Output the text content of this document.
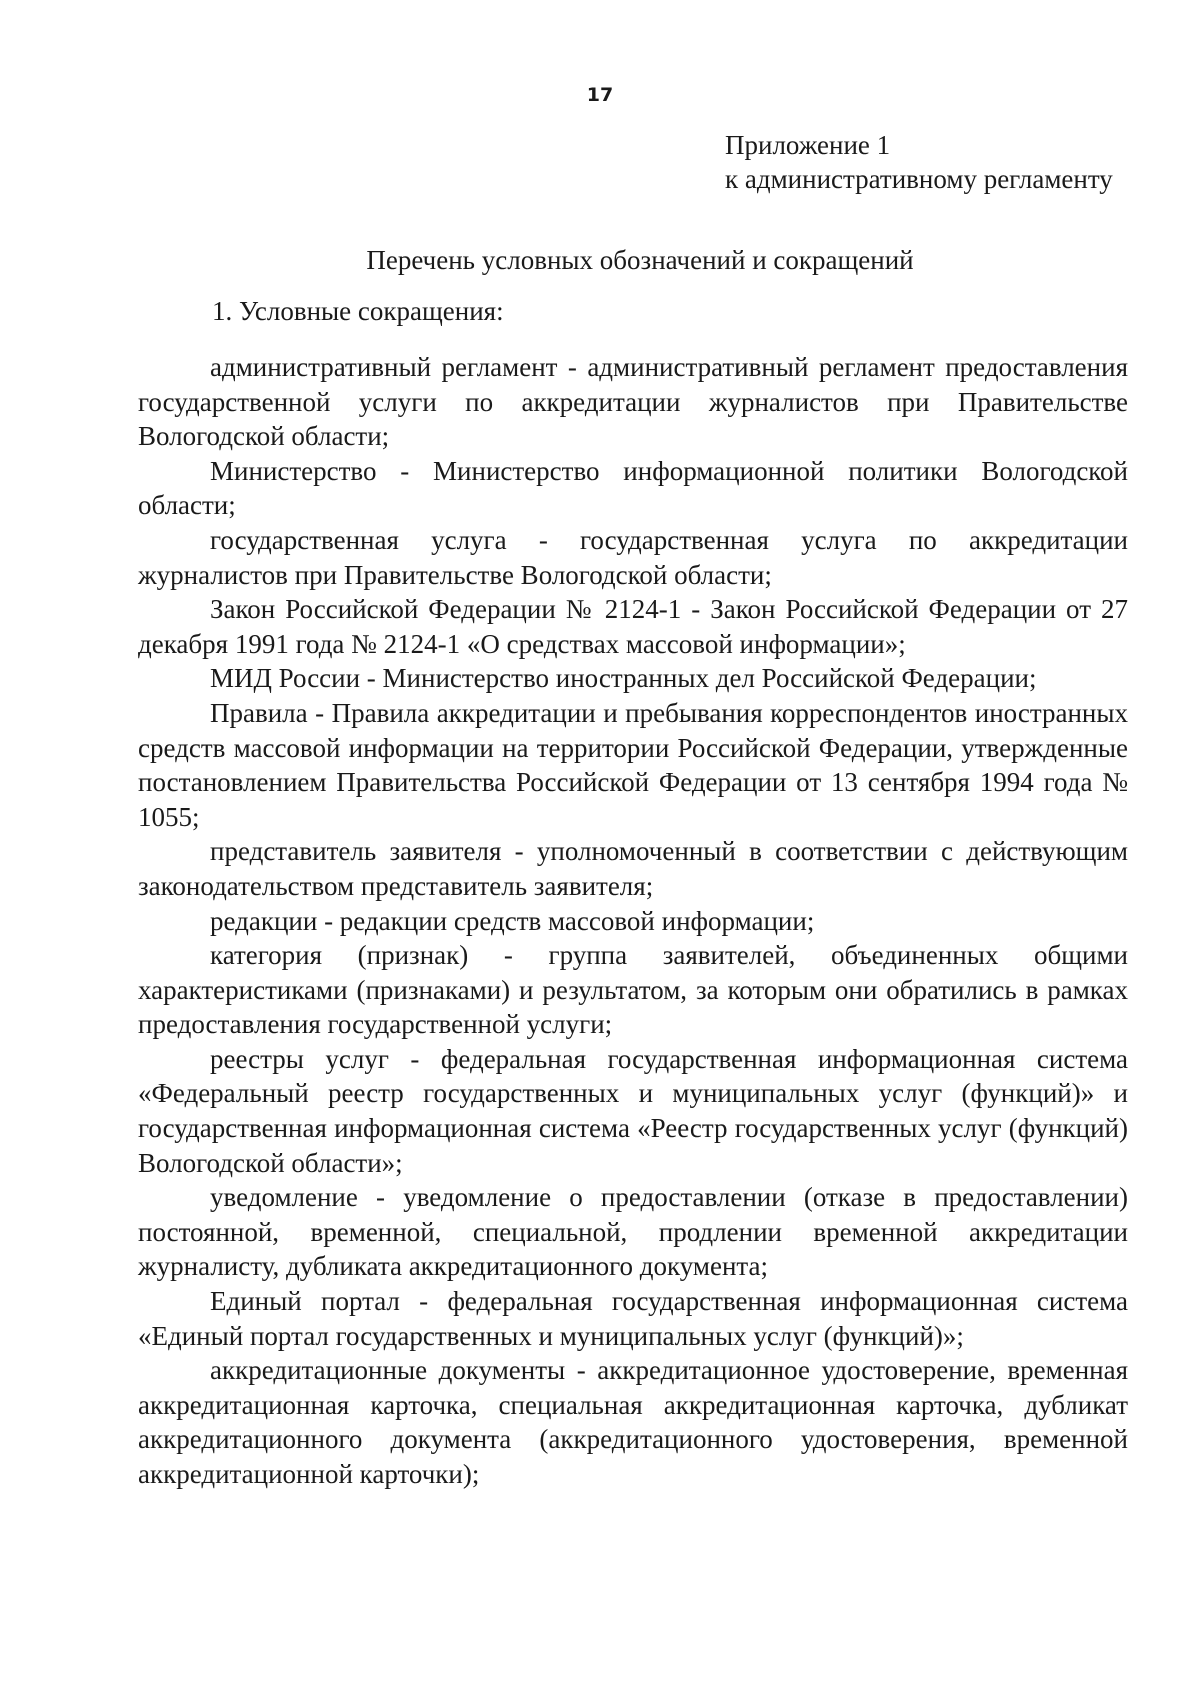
17
Приложение 1
к административному регламенту
Перечень условных обозначений и сокращений
1. Условные сокращения:

административный регламент - административный регламент предоставления государственной услуги по аккредитации журналистов при Правительстве Вологодской области;

Министерство - Министерство информационной политики Вологодской области;

государственная услуга - государственная услуга по аккредитации журналистов при Правительстве Вологодской области;

Закон Российской Федерации № 2124-1 - Закон Российской Федерации от 27 декабря 1991 года № 2124-1 «О средствах массовой информации»;

МИД России - Министерство иностранных дел Российской Федерации;

Правила - Правила аккредитации и пребывания корреспондентов иностранных средств массовой информации на территории Российской Федерации, утвержденные постановлением Правительства Российской Федерации от 13 сентября 1994 года № 1055;

представитель заявителя - уполномоченный в соответствии с действующим законодательством представитель заявителя;

редакции - редакции средств массовой информации;

категория (признак) - группа заявителей, объединенных общими характеристиками (признаками) и результатом, за которым они обратились в рамках предоставления государственной услуги;

реестры услуг - федеральная государственная информационная система «Федеральный реестр государственных и муниципальных услуг (функций)» и государственная информационная система «Реестр государственных услуг (функций) Вологодской области»;

уведомление - уведомление о предоставлении (отказе в предоставлении) постоянной, временной, специальной, продлении временной аккредитации журналисту, дубликата аккредитационного документа;

Единый портал - федеральная государственная информационная система «Единый портал государственных и муниципальных услуг (функций)»;

аккредитационные документы - аккредитационное удостоверение, временная аккредитационная карточка, специальная аккредитационная карточка, дубликат аккредитационного документа (аккредитационного удостоверения, временной аккредитационной карточки);
